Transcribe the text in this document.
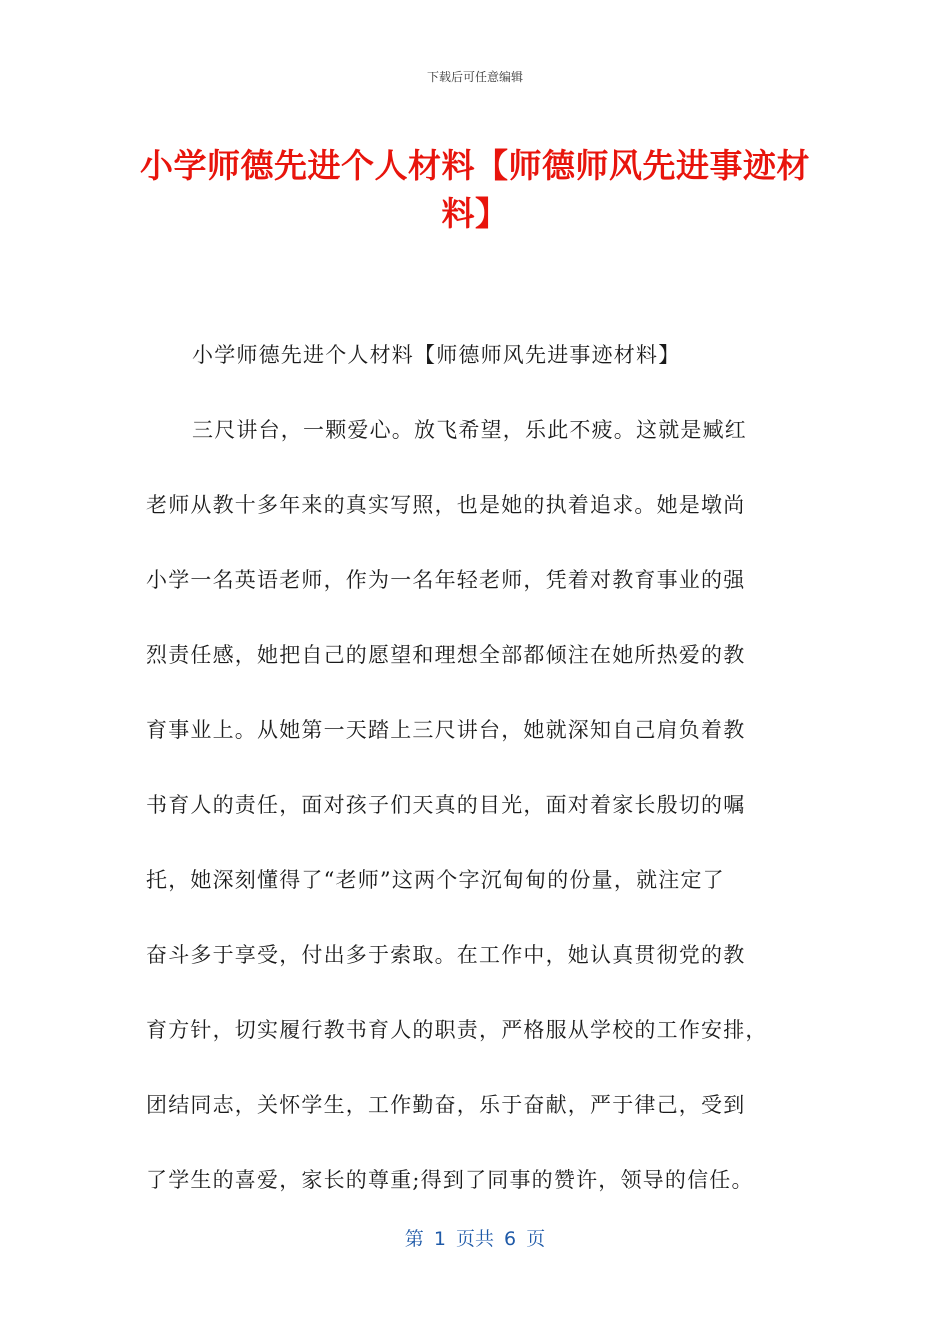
下载后可任意编辑
小学师德先进个人材料【师德师风先进事迹材料】
小学师德先进个人材料【师德师风先进事迹材料】
三尺讲台，一颗爱心。放飞希望，乐此不疲。这就是臧红
老师从教十多年来的真实写照，也是她的执着追求。她是墩尚
小学一名英语老师，作为一名年轻老师，凭着对教育事业的强
烈责任感，她把自己的愿望和理想全部都倾注在她所热爱的教
育事业上。从她第一天踏上三尺讲台，她就深知自己肩负着教
书育人的责任，面对孩子们天真的目光，面对着家长殷切的嘱
托，她深刻懂得了“老师”这两个字沉甸甸的份量，就注定了
奋斗多于享受，付出多于索取。在工作中，她认真贯彻党的教
育方针，切实履行教书育人的职责，严格服从学校的工作安排，
团结同志，关怀学生，工作勤奋，乐于奋献，严于律己，受到
了学生的喜爱，家长的尊重;得到了同事的赞许，领导的信任。
第 1 页共 6 页
